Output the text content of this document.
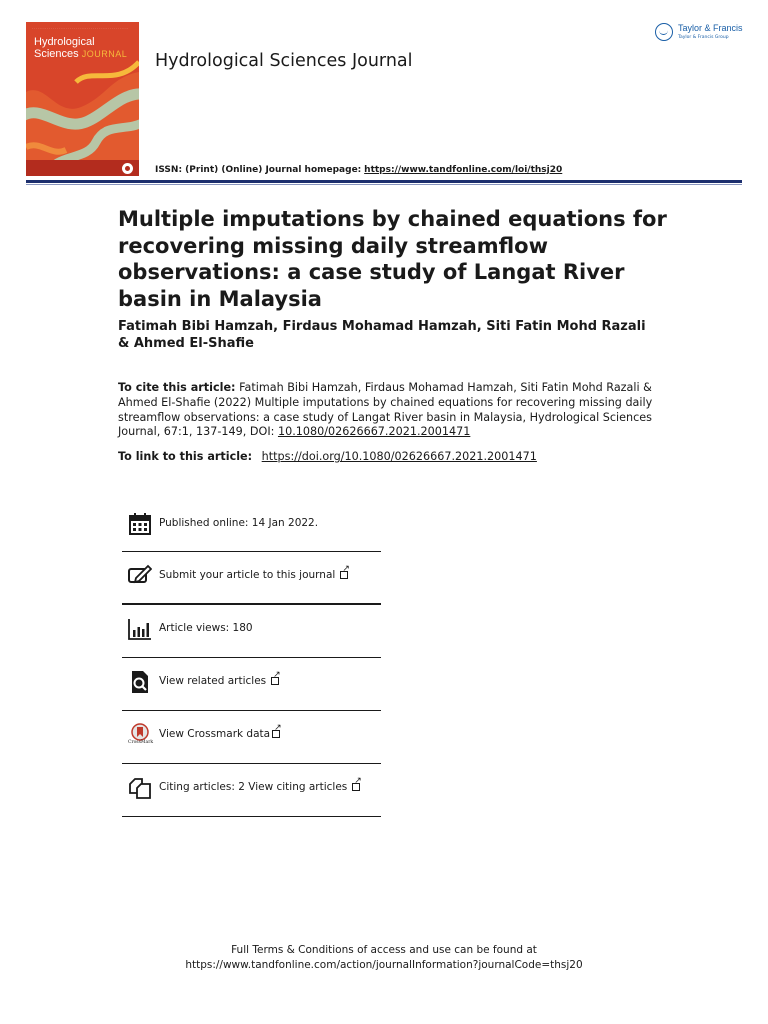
· · · · · · · · · · · · · · · · · · · · · · · · · · · · · · · · · · · · · · · · · · · · · · · · · · ·
Hydrological
Sciences JOURNAL Hydrological Sciences Journal
Taylor & Francis
Taylor & Francis Group
ISSN: (Print) (Online) Journal homepage: https://www.tandfonline.com/loi/thsj20
Multiple imputations by chained equations for recovering missing daily streamflow observations: a case study of Langat River basin in Malaysia
Fatimah Bibi Hamzah, Firdaus Mohamad Hamzah, Siti Fatin Mohd Razali & Ahmed El-Shafie
To cite this article: Fatimah Bibi Hamzah, Firdaus Mohamad Hamzah, Siti Fatin Mohd Razali & Ahmed El-Shafie (2022) Multiple imputations by chained equations for recovering missing daily streamflow observations: a case study of Langat River basin in Malaysia, Hydrological Sciences Journal, 67:1, 137-149, DOI: 10.1080/02626667.2021.2001471
To link to this article: https://doi.org/10.1080/02626667.2021.2001471
Published online: 14 Jan 2022.
Submit your article to this journal↗
Article views: 180
View related articles↗
CrossMark
View Crossmark data↗
Citing articles: 2 View citing articles↗
Full Terms & Conditions of access and use can be found at
https://www.tandfonline.com/action/journalInformation?journalCode=thsj20
